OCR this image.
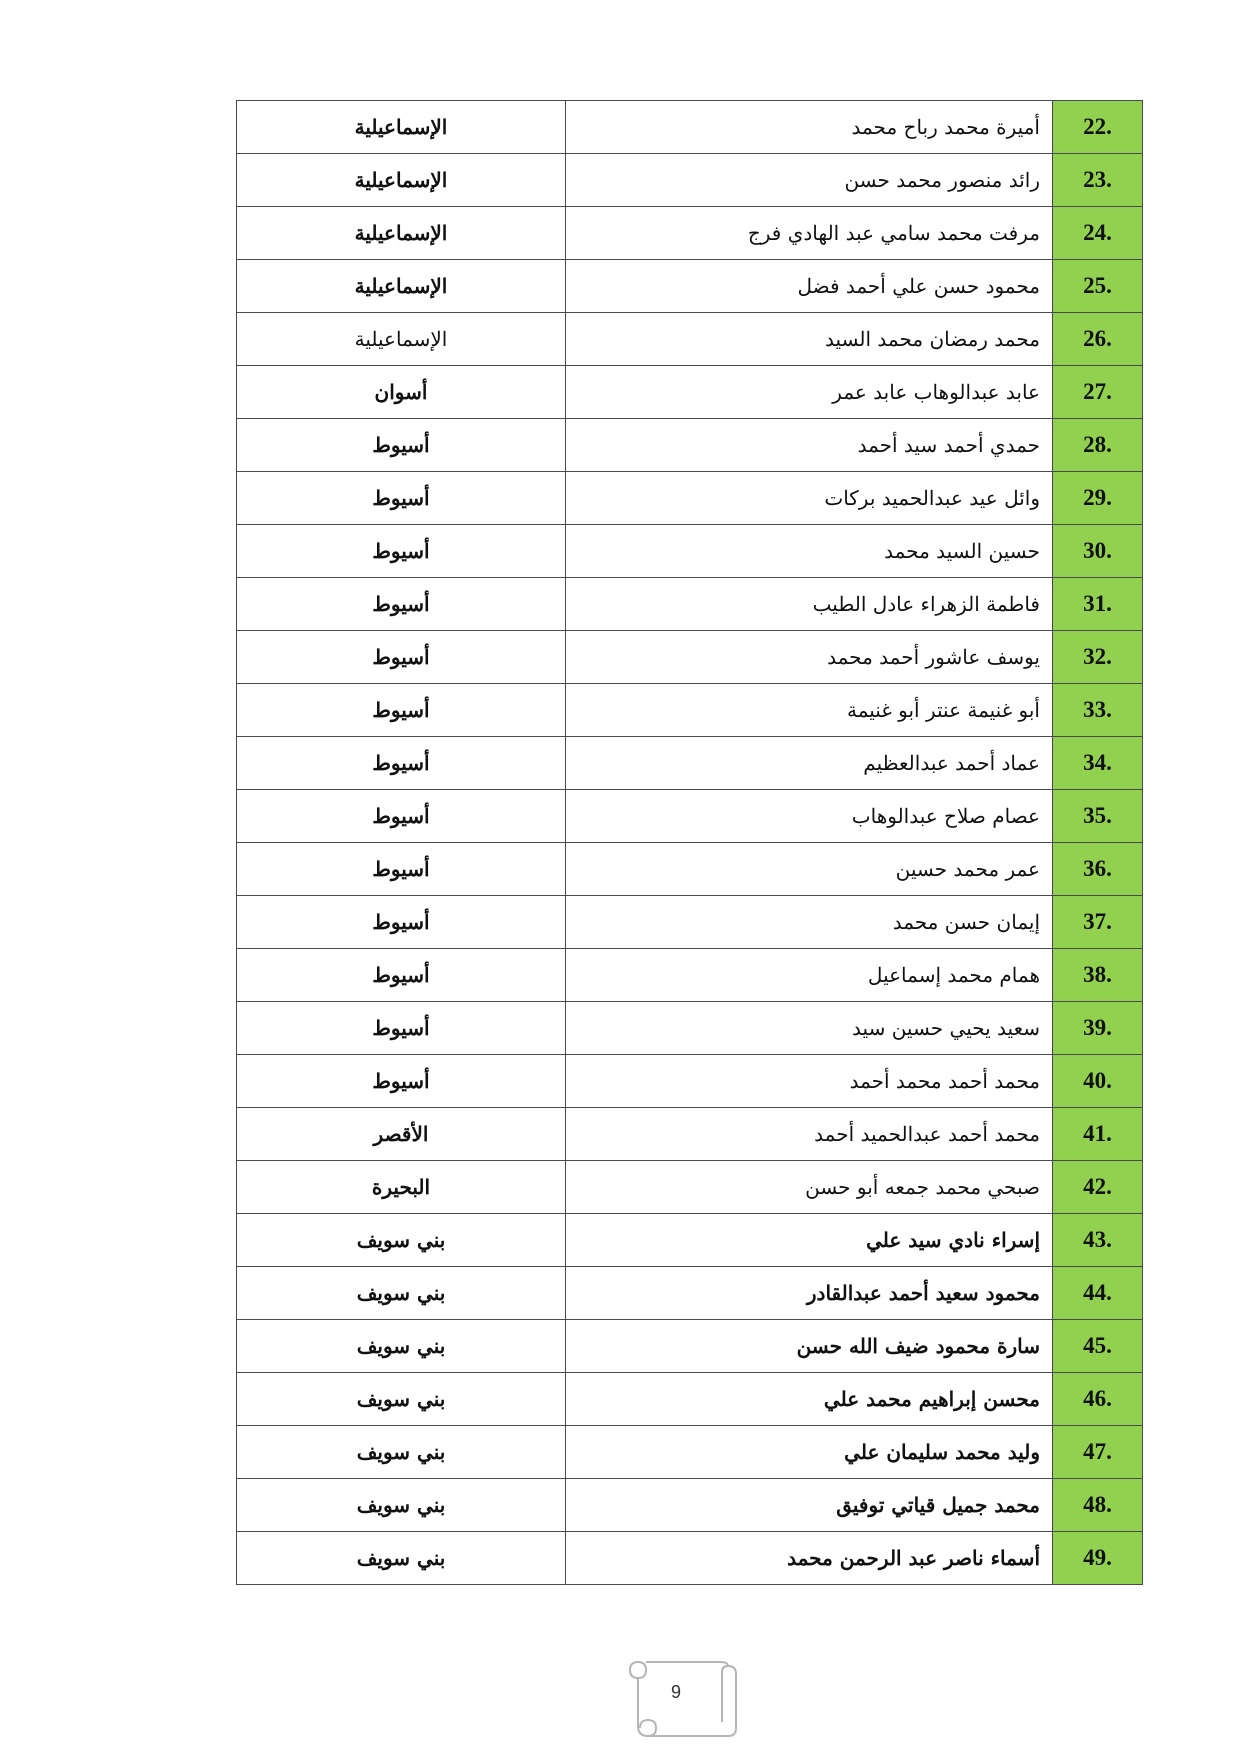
.22	أميرة محمد رباح محمد	الإسماعيلية
.23	رائد منصور محمد حسن	الإسماعيلية
.24	مرفت محمد سامي عبد الهادي فرج	الإسماعيلية
.25	محمود حسن علي أحمد فضل	الإسماعيلية
.26	محمد رمضان محمد السيد	الإسماعيلية
.27	عابد عبدالوهاب عابد عمر	أسوان
.28	حمدي أحمد سيد أحمد	أسيوط
.29	وائل عيد عبدالحميد بركات	أسيوط
.30	حسين السيد محمد	أسيوط
.31	فاطمة الزهراء عادل الطيب	أسيوط
.32	يوسف عاشور أحمد محمد	أسيوط
.33	أبو غنيمة عنتر أبو غنيمة	أسيوط
.34	عماد أحمد عبدالعظيم	أسيوط
.35	عصام صلاح عبدالوهاب	أسيوط
.36	عمر محمد حسين	أسيوط
.37	إيمان حسن محمد	أسيوط
.38	همام محمد إسماعيل	أسيوط
.39	سعيد يحيي حسين سيد	أسيوط
.40	محمد أحمد محمد أحمد	أسيوط
.41	محمد أحمد عبدالحميد أحمد	الأقصر
.42	صبحي محمد جمعه أبو حسن	البحيرة
.43	إسراء نادي سيد علي	بني سويف
.44	محمود سعيد أحمد عبدالقادر	بني سويف
.45	سارة محمود ضيف الله حسن	بني سويف
.46	محسن إبراهيم محمد علي	بني سويف
.47	وليد محمد سليمان علي	بني سويف
.48	محمد جميل قياتي توفيق	بني سويف
.49	أسماء ناصر عبد الرحمن محمد	بني سويف
9
